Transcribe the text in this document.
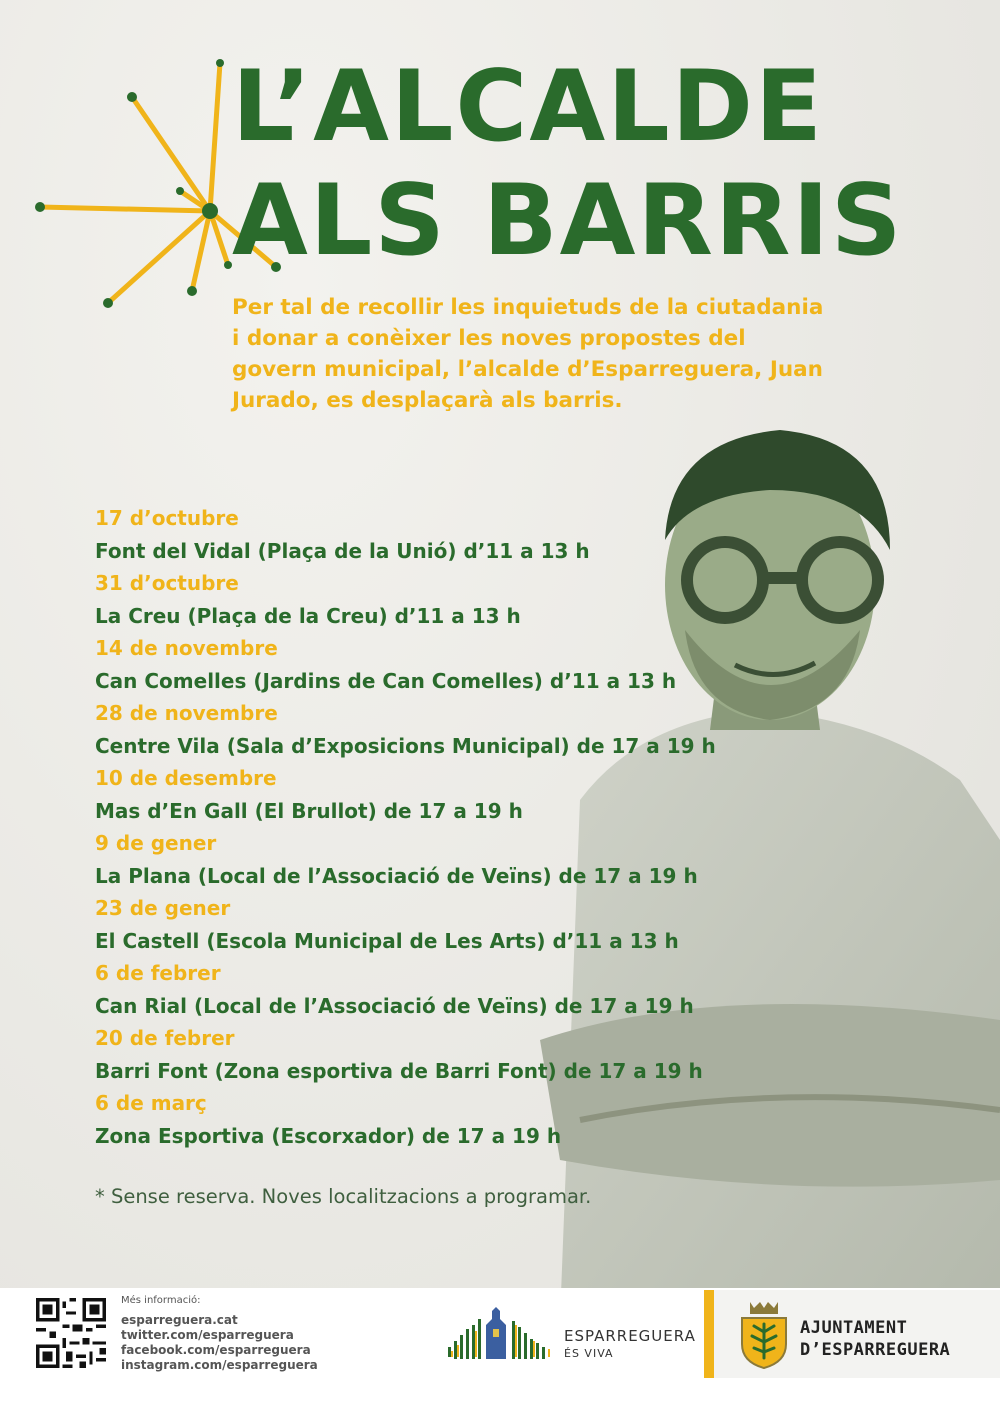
L’ALCALDE
ALS BARRIS

Per tal de recollir les inquietuds de la ciutadania i donar a conèixer les noves propostes del govern municipal, l’alcalde d’Esparreguera, Juan Jurado, es desplaçarà als barris.

17 d’octubre
Font del Vidal (Plaça de la Unió) d’11 a 13 h
31 d’octubre
La Creu (Plaça de la Creu) d’11 a 13 h
14 de novembre
Can Comelles (Jardins de Can Comelles) d’11 a 13 h
28 de novembre
Centre Vila (Sala d’Exposicions Municipal) de 17 a 19 h
10 de desembre
Mas d’En Gall (El Brullot) de 17 a 19 h
9 de gener
La Plana (Local de l’Associació de Veïns) de 17 a 19 h
23 de gener
El Castell (Escola Municipal de Les Arts) d’11 a 13 h
6 de febrer
Can Rial (Local de l’Associació de Veïns) de 17 a 19 h
20 de febrer
Barri Font (Zona esportiva de Barri Font) de 17 a 19 h
6 de març
Zona Esportiva (Escorxador) de 17 a 19 h

* Sense reserva. Noves localitzacions a programar.

Més informació:
esparreguera.cat
twitter.com/esparreguera
facebook.com/esparreguera
instagram.com/esparreguera
ESPARREGUERA
ÉS VIVA
AJUNTAMENT
D’ESPARREGUERA
